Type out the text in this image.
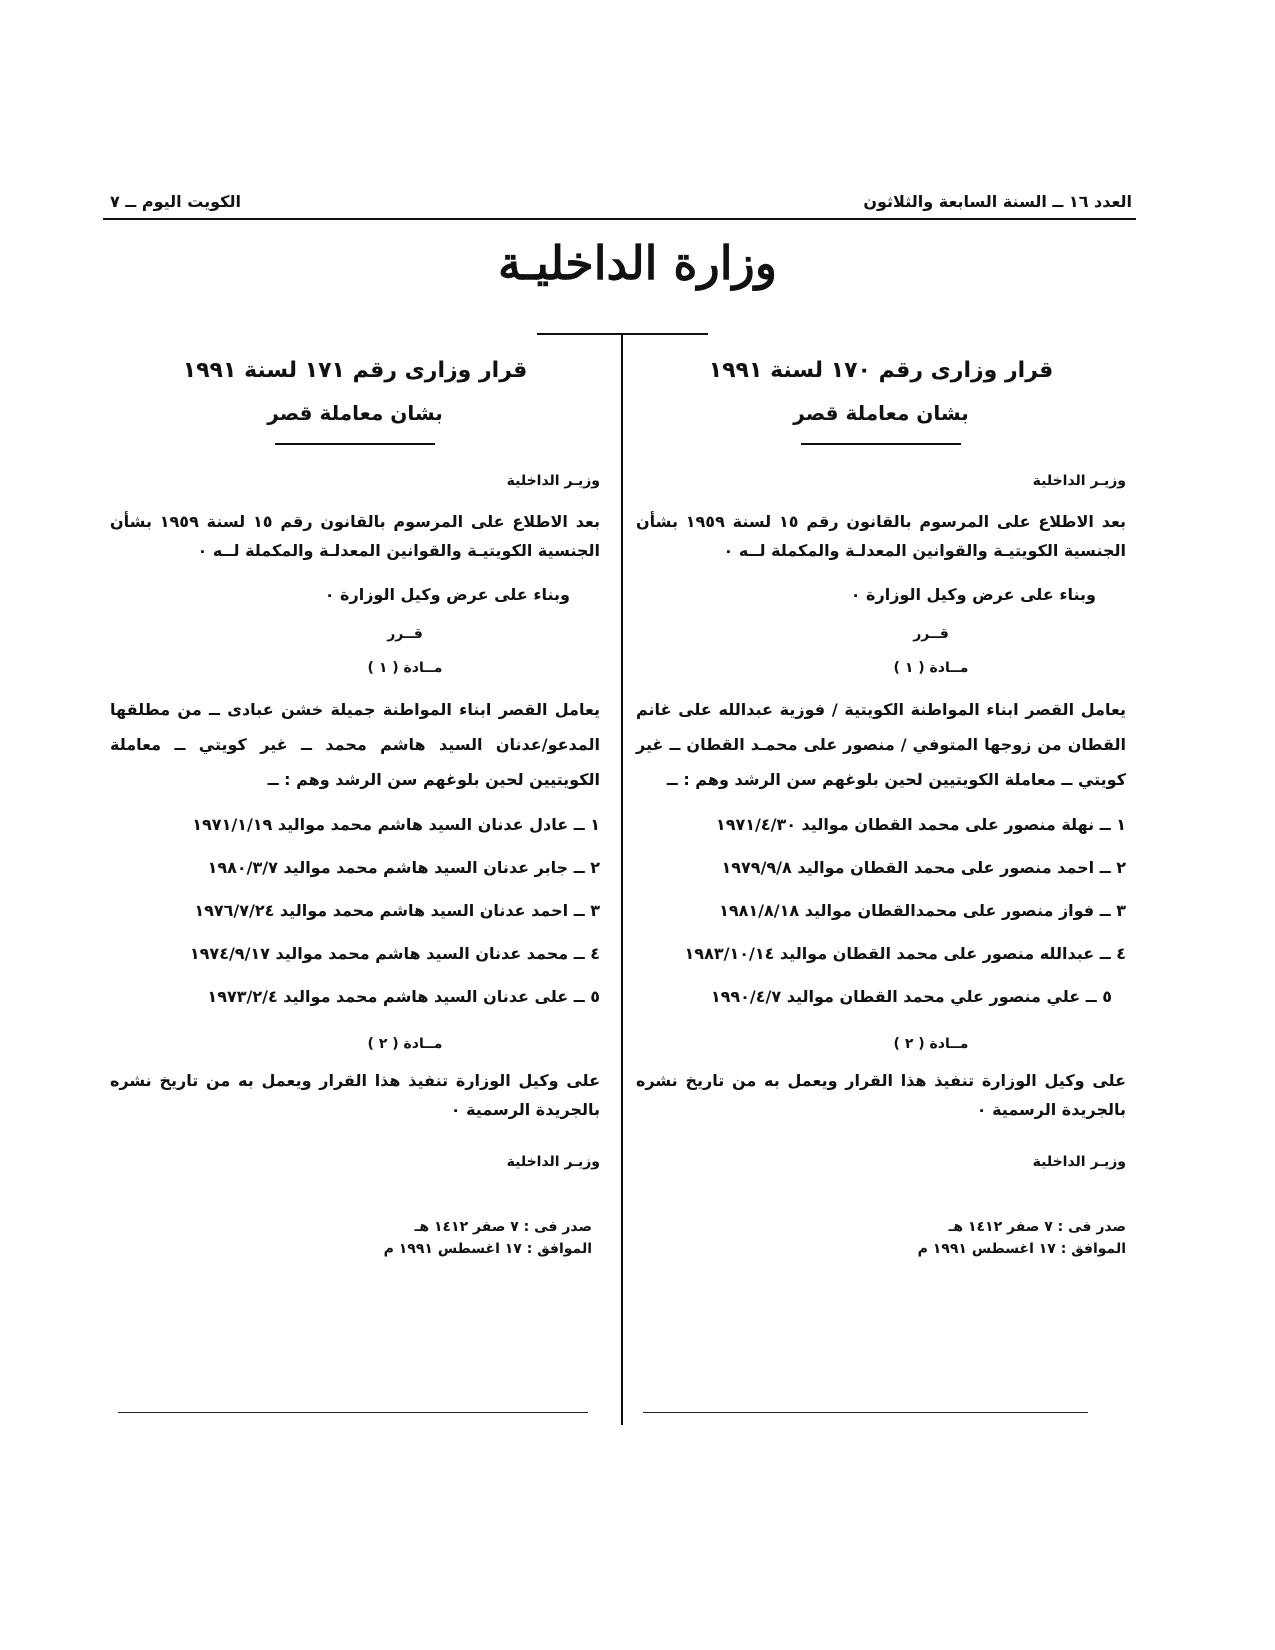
العدد ١٦ ــ السنة السابعة والثلاثون
الكويت اليوم ــ ٧
وزارة الداخليـة
قرار وزارى رقم ١٧٠ لسنة ١٩٩١
بشان معاملة قصر
وزيـر الداخلية
بعد الاطلاع على المرسوم بالقانون رقم ١٥ لسنة ١٩٥٩ بشأن الجنسية الكويتيـة والقوانين المعدلـة والمكملة لــه ٠
وبناء على عرض وكيل الوزارة ٠
قــرر
مــادة ( ١ )
يعامل القصر ابناء المواطنة الكويتية / فوزية عبدالله على غانم القطان من زوجها المتوفي / منصور على محمـد القطان ــ غير كويتي ــ معاملة الكويتيين لحين بلوغهم سن الرشد وهم : ــ
١ ــ نهلة منصور على محمد القطان مواليد ١٩٧١/٤/٣٠
٢ ــ احمد منصور على محمد القطان مواليد ١٩٧٩/٩/٨
٣ ــ فواز منصور على محمدالقطان مواليد ١٩٨١/٨/١٨
٤ ــ عبدالله منصور على محمد القطان مواليد ١٩٨٣/١٠/١٤
٥ ــ علي منصور علي محمد القطان مواليد ١٩٩٠/٤/٧
مــادة ( ٢ )
على وكيل الوزارة تنفيذ هذا القرار ويعمل به من تاريخ نشره بالجريدة الرسمية ٠
وزيـر الداخلية
صدر فى : ٧ صفر ١٤١٢ هـ
الموافق : ١٧ اغسطس ١٩٩١ م
قرار وزارى رقم ١٧١ لسنة ١٩٩١
بشان معاملة قصر
وزيـر الداخلية
بعد الاطلاع على المرسوم بالقانون رقم ١٥ لسنة ١٩٥٩ بشأن الجنسية الكويتيـة والقوانين المعدلـة والمكملة لــه ٠
وبناء على عرض وكيل الوزارة ٠
قــرر
مــادة ( ١ )
يعامل القصر ابناء المواطنة جميلة خشن عبادى ــ من مطلقها المدعو/عدنان السيد هاشم محمد ــ غير كويتي ــ معاملة الكويتيين لحين بلوغهم سن الرشد وهم : ــ
١ ــ عادل عدنان السيد هاشم محمد مواليد ١٩٧١/١/١٩
٢ ــ جابر عدنان السيد هاشم محمد مواليد ١٩٨٠/٣/٧
٣ ــ احمد عدنان السيد هاشم محمد مواليد ١٩٧٦/٧/٢٤
٤ ــ محمد عدنان السيد هاشم محمد مواليد ١٩٧٤/٩/١٧
٥ ــ على عدنان السيد هاشم محمد مواليد ١٩٧٣/٢/٤
مــادة ( ٢ )
على وكيل الوزارة تنفيذ هذا القرار ويعمل به من تاريخ نشره بالجريدة الرسمية ٠
وزيـر الداخلية
صدر فى : ٧ صفر ١٤١٢ هـ
الموافق : ١٧ اغسطس ١٩٩١ م
